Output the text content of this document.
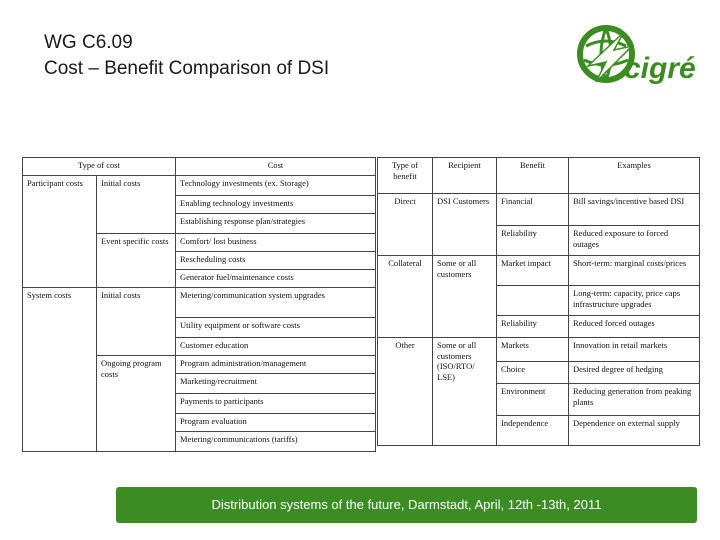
WG C6.09
Cost – Benefit Comparison of DSI	cigré
Type of cost		Cost
Participant costs	Initial costs	Technology investments (ex. Storage)
		Enabling technology investments
		Establishing response plan/strategies
	Event specific costs	Comfort/ lost business
		Rescheduling costs
		Generator fuel/maintenance costs
System costs	Initial costs	Metering/communication system upgrades
		Utility equipment or software costs
		Customer education
	Ongoing program costs	Program administration/management
		Marketing/recruitment
		Payments to participants
		Program evaluation
		Metering/communications (tariffs)
Type of benefit	Recipient	Benefit	Examples
Direct	DSI Customers	Financial	Bill savings/incentive based DSI
		Reliability	Reduced exposure to forced outages
Collateral	Some or all customers	Market impact	Short-term: marginal costs/prices
			Long-term: capacity, price caps infrastructure upgrades
		Reliability	Reduced forced outages
Other	Some or all customers (ISO/RTO/ LSE)	Markets	Innovation in retail markets
		Choice	Desired degree of hedging
		Environment	Reducing generation from peaking plants
		Independence	Dependence on external supply
Distribution systems of the future, Darmstadt, April, 12th -13th, 2011
